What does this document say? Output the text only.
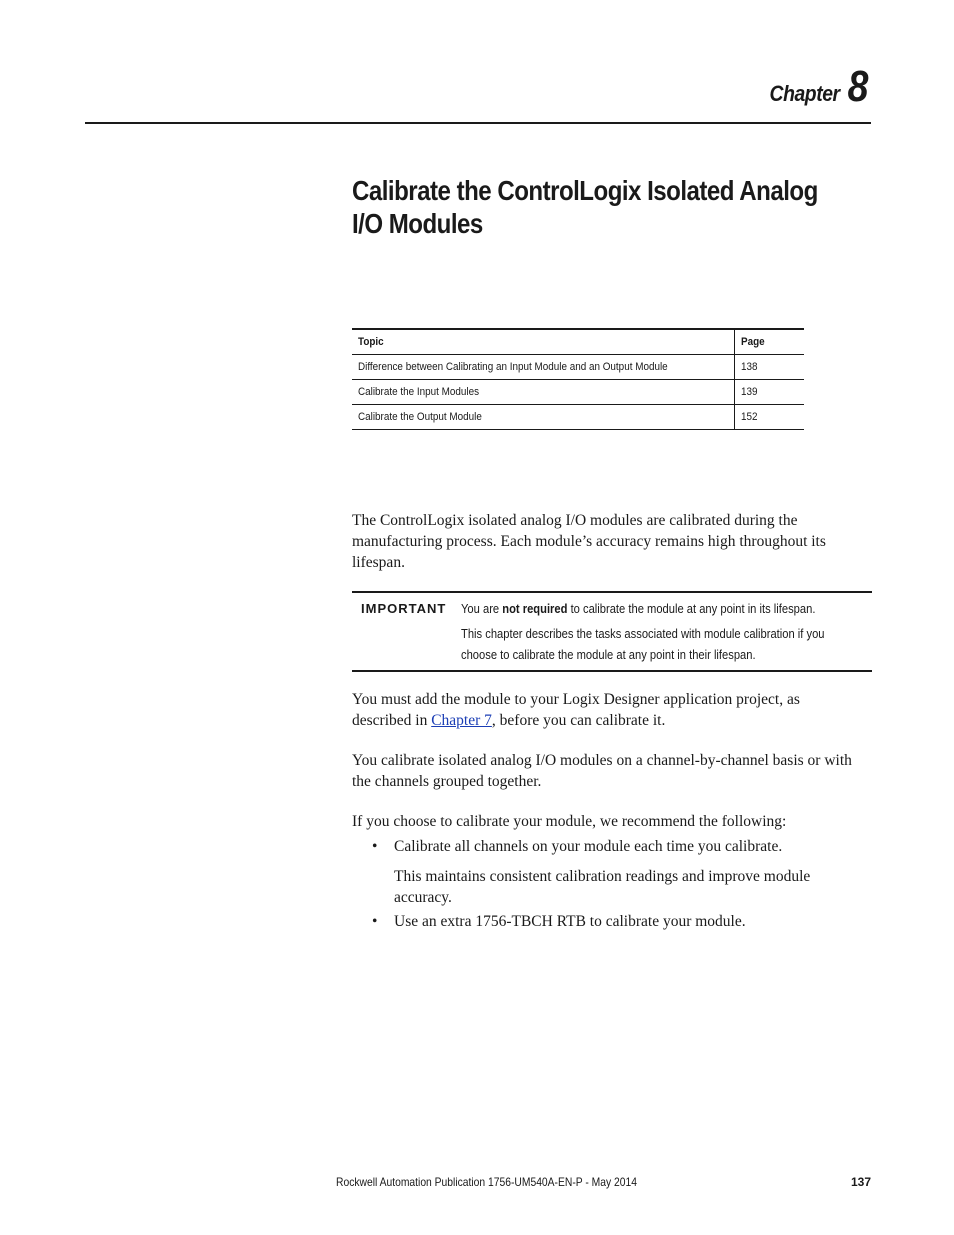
Chapter 8
Calibrate the ControlLogix Isolated Analog
I/O Modules
Topic	Page
Difference between Calibrating an Input Module and an Output Module	138
Calibrate the Input Modules	139
Calibrate the Output Module	152
The ControlLogix isolated analog I/O modules are calibrated during the
manufacturing process. Each module’s accuracy remains high throughout its
lifespan.
IMPORTANT You are not required to calibrate the module at any point in its lifespan.
This chapter describes the tasks associated with module calibration if you
choose to calibrate the module at any point in their lifespan.
You must add the module to your Logix Designer application project, as
described in Chapter 7, before you can calibrate it.
You calibrate isolated analog I/O modules on a channel-by-channel basis or with
the channels grouped together.
If you choose to calibrate your module, we recommend the following:
• Calibrate all channels on your module each time you calibrate.
This maintains consistent calibration readings and improve module
accuracy.
• Use an extra 1756-TBCH RTB to calibrate your module.
Rockwell Automation Publication 1756-UM540A-EN-P - May 2014	137
